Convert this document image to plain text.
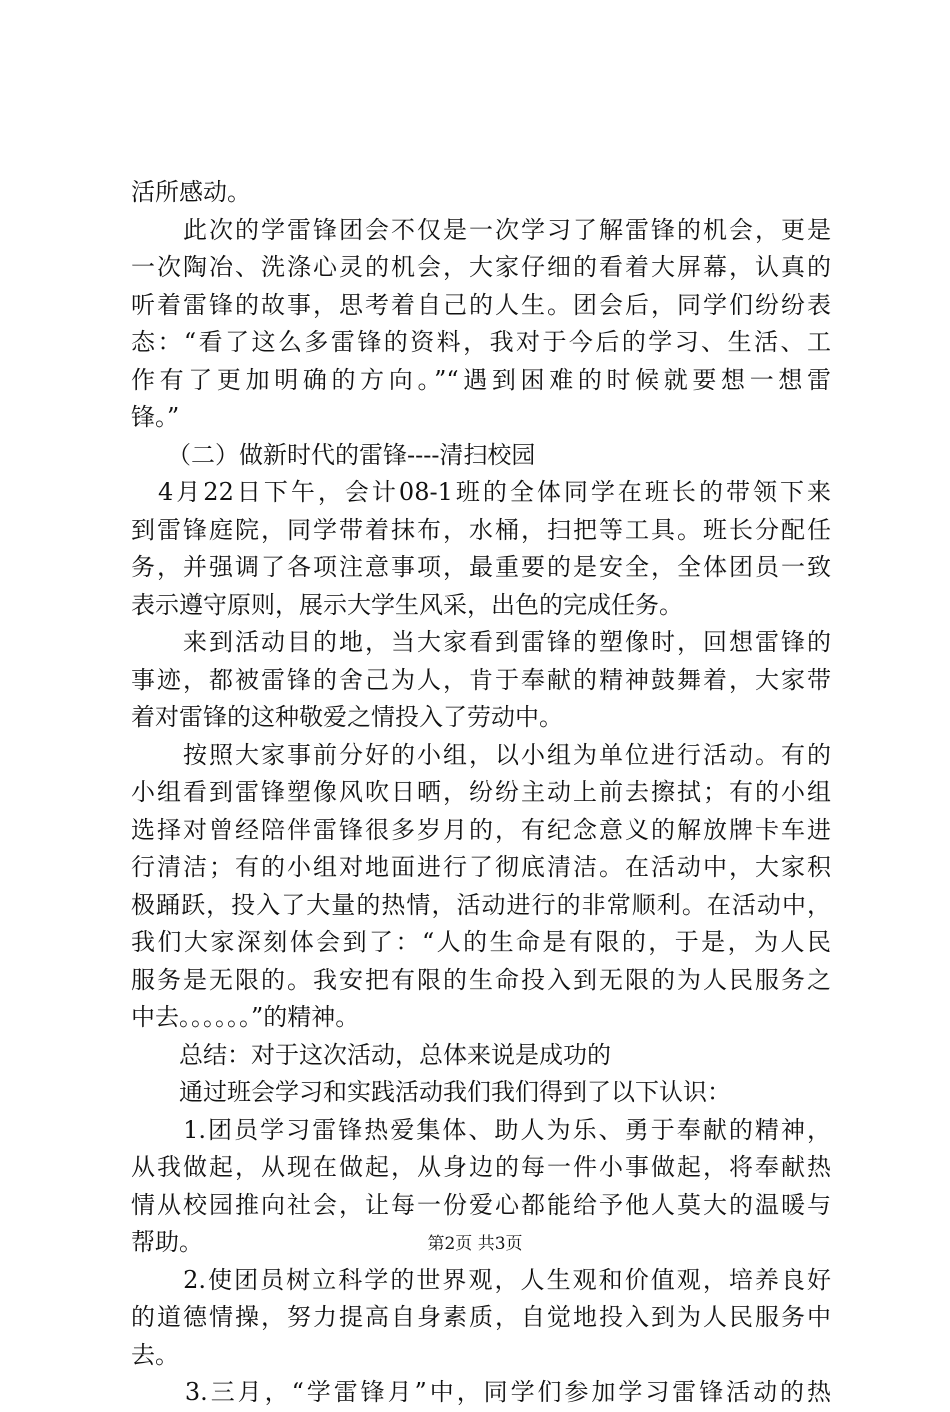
活所感动。
　　此次的学雷锋团会不仅是一次学习了解雷锋的机会，更是
一次陶冶、洗涤心灵的机会，大家仔细的看着大屏幕，认真的
听着雷锋的故事，思考着自己的人生。团会后，同学们纷纷表
态：“看了这么多雷锋的资料，我对于今后的学习、生活、工
作有了更加明确的方向。”“遇到困难的时候就要想一想雷
锋。”
　　（二）做新时代的雷锋----清扫校园
　4月22日下午，会计08-1班的全体同学在班长的带领下来
到雷锋庭院，同学带着抹布，水桶，扫把等工具。班长分配任
务，并强调了各项注意事项，最重要的是安全，全体团员一致
表示遵守原则，展示大学生风采，出色的完成任务。
　　来到活动目的地，当大家看到雷锋的塑像时，回想雷锋的
事迹，都被雷锋的舍己为人，肯于奉献的精神鼓舞着，大家带
着对雷锋的这种敬爱之情投入了劳动中。
　　按照大家事前分好的小组，以小组为单位进行活动。有的
小组看到雷锋塑像风吹日晒，纷纷主动上前去擦拭；有的小组
选择对曾经陪伴雷锋很多岁月的，有纪念意义的解放牌卡车进
行清洁；有的小组对地面进行了彻底清洁。在活动中，大家积
极踊跃，投入了大量的热情，活动进行的非常顺利。在活动中，
我们大家深刻体会到了：“人的生命是有限的，于是，为人民
服务是无限的。我安把有限的生命投入到无限的为人民服务之
中去。。。。。。”的精神。
　　总结：对于这次活动，总体来说是成功的
　　通过班会学习和实践活动我们我们得到了以下认识：
　　1.团员学习雷锋热爱集体、助人为乐、勇于奉献的精神，
从我做起，从现在做起，从身边的每一件小事做起，将奉献热
情从校园推向社会，让每一份爱心都能给予他人莫大的温暖与
帮助。
　　2.使团员树立科学的世界观，人生观和价值观，培养良好
的道德情操，努力提高自身素质，自觉地投入到为人民服务中
去。
　　3.三月，“学雷锋月”中，同学们参加学习雷锋活动的热
第2页 共3页
